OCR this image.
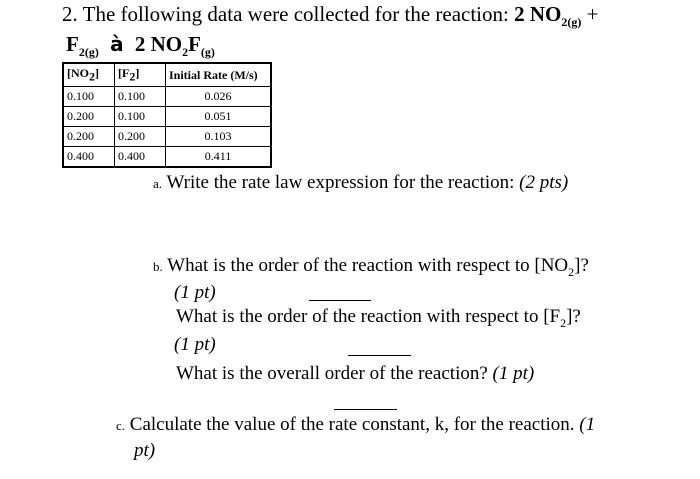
2. The following data were collected for the reaction: 2 $NO_{2(g)}$ +
$F_{2(g)}$ à 2 $NO_2F_{(g)}$
$[NO_2]$	$[F_2]$	Initial Rate (M/s)
0.100	0.100	0.026
0.200	0.100	0.051
0.200	0.200	0.103
0.400	0.400	0.411
a. Write the rate law expression for the reaction: (2 pts)
b. What is the order of the reaction with respect to $[NO_2]$?
(1 pt)
What is the order of the reaction with respect to $[F_2]$?
(1 pt)
What is the overall order of the reaction? (1 pt)
c. Calculate the value of the rate constant, k, for the reaction. (1
pt)
